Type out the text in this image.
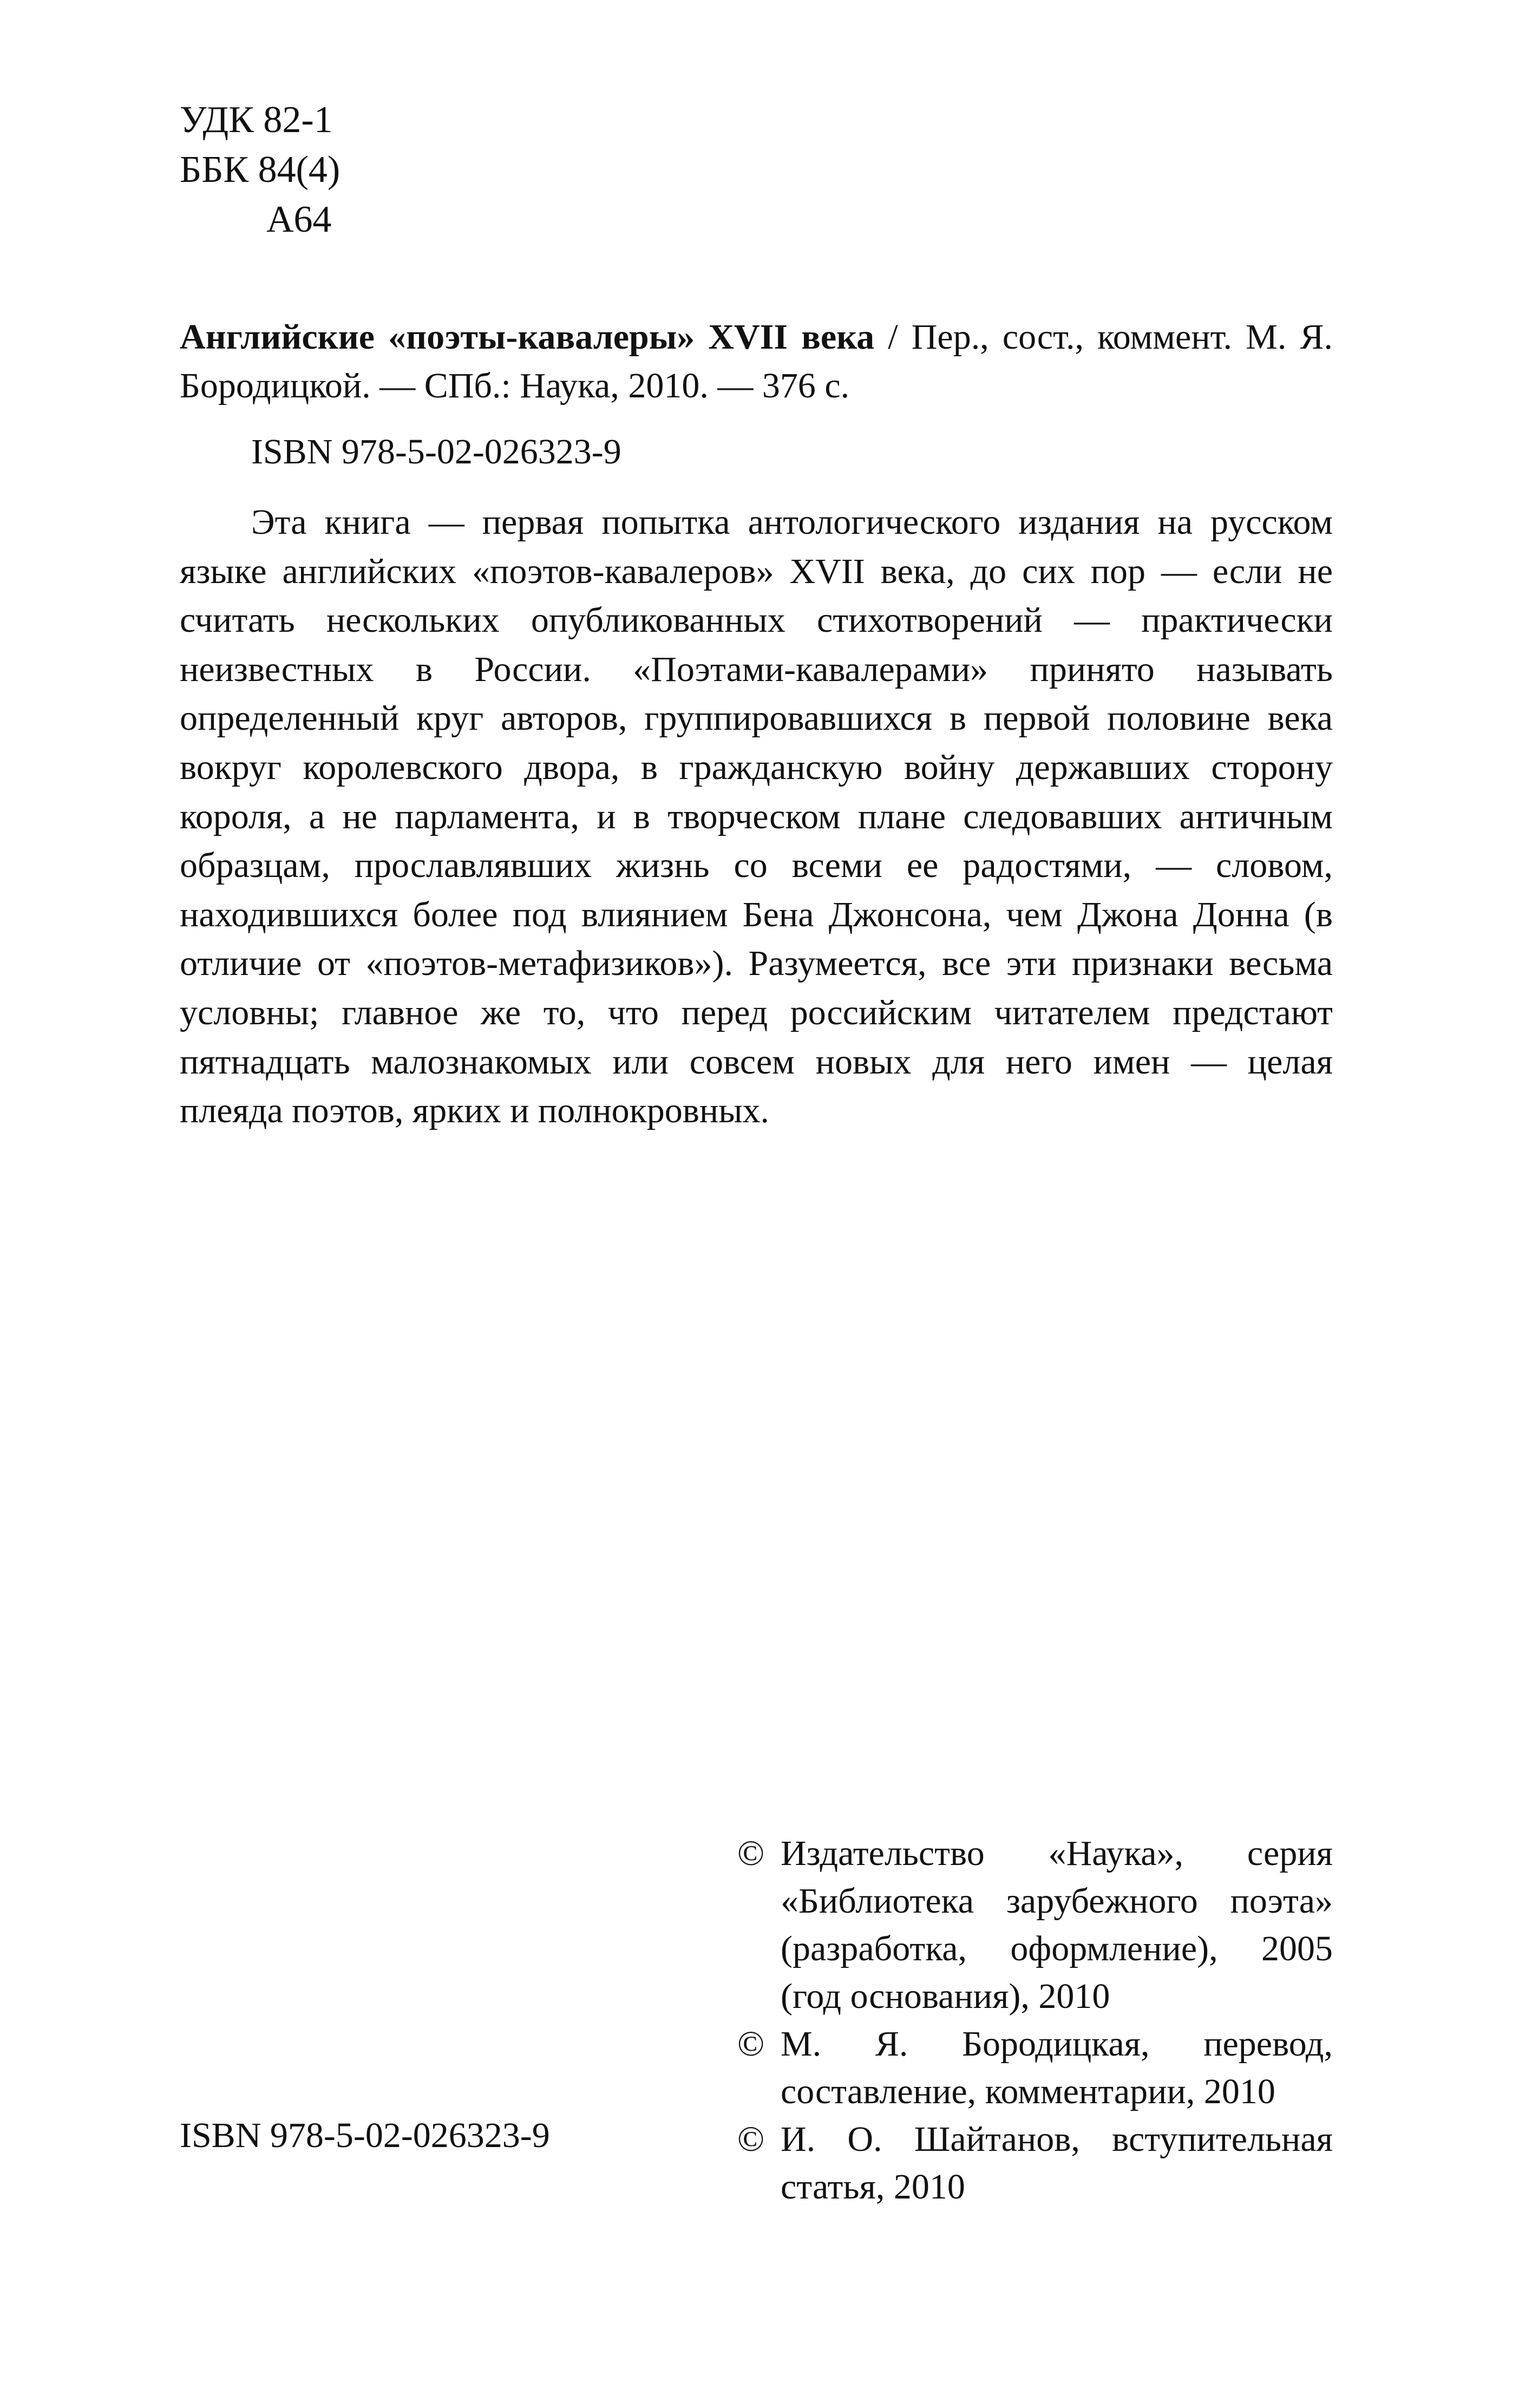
УДК 82-1
ББК 84(4)
А64
Английские «поэты-кавалеры» XVII века / Пер., сост., коммент. М. Я. Бородицкой. — СПб.: Наука, 2010. — 376 с.
ISBN 978-5-02-026323-9

Эта книга — первая попытка антологического издания на русском языке английских «поэтов-кавалеров» XVII века, до сих пор — если не считать нескольких опубликованных стихотворений — практически неизвестных в России. «Поэтами-кавалерами» принято называть определенный круг авторов, группировавшихся в первой половине века вокруг королевского двора, в гражданскую войну державших сторону короля, а не парламента, и в творческом плане следовавших античным образцам, прославлявших жизнь со всеми ее радостями, — словом, находившихся более под влиянием Бена Джонсона, чем Джона Донна (в отличие от «поэтов-метафизиков»). Разумеется, все эти признаки весьма условны; главное же то, что перед российским читателем предстают пятнадцать малознакомых или совсем новых для него имен — целая плеяда поэтов, ярких и полнокровных.

ISBN 978-5-02-026323-9
© Издательство «Наука», серия «Библиотека зарубежного поэта» (разработка, оформление), 2005 (год основания), 2010
© М. Я. Бородицкая, перевод, составление, комментарии, 2010
© И. О. Шайтанов, вступительная статья, 2010
